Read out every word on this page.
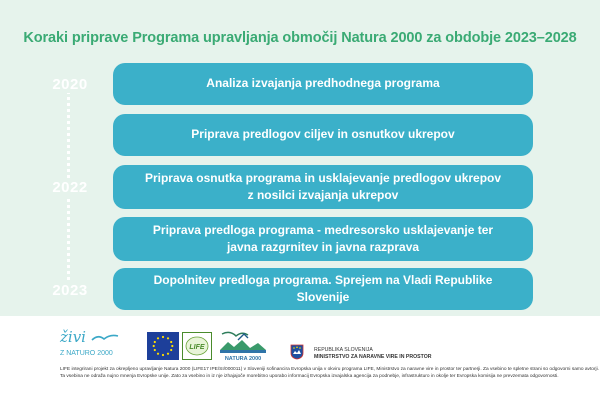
Koraki priprave Programa upravljanja območij Natura 2000 za obdobje 2023–2028
2020
2022
2023
Analiza izvajanja predhodnega programa
Priprava predlogov ciljev in osnutkov ukrepov
Priprava osnutka programa in usklajevanje predlogov ukrepov z nosilci izvajanja ukrepov
Priprava predloga programa - medresorsko usklajevanje ter javna razgrnitev in javna razprava
Dopolnitev predloga programa. Sprejem na Vladi Republike Slovenije
živi
Z NATURO 2000
LIFE
NATURA 2000
LIFE integrirani projekt za okrepljeno upravljanje Natura 2000 (LIFE17 IPE/SI/000011) v Sloveniji sofinancira Evropska unija v okviru programa LIFE, Ministrstvo za naravne vire in prostor ter partnerji. Za vsebino te spletne strani so odgovorni samo avtorji. Ta vsebina ne odraža nujno mnenja Evropske unije. Zato za vsebino in iz nje izhajajoče morebitno uporabo informacij Evropska izvajalska agencija za podnebje, infrastrukturo in okolje ter Evropska komisija ne prevzemata odgovornosti.
REPUBLIKA SLOVENIJA
MINISTRSTVO ZA NARAVNE VIRE IN PROSTOR
